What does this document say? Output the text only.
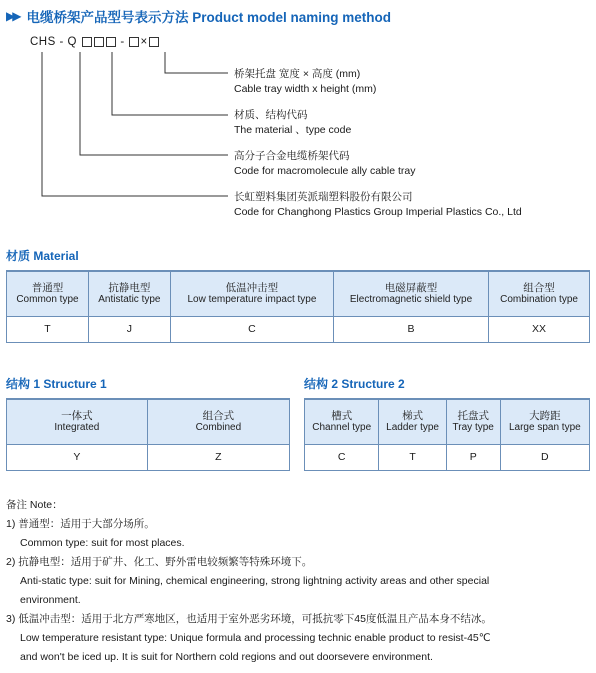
▶▶ 电缆桥架产品型号表示方法 Product model naming method
CHS - Q	- ×
桥架托盘 宽度 × 高度 (mm)
Cable tray width x height (mm)
材质、结构代码
The material 、type code
高分子合金电缆桥架代码
Code for macromolecule ally cable tray
长虹塑料集团英派瑞塑料股份有限公司
Code for Changhong Plastics Group Imperial Plastics Co., Ltd
材质 Material
普通型
Common type	抗静电型
Antistatic type	低温冲击型
Low temperature impact type	电磁屏蔽型
Electromagnetic shield type	组合型
Combination type
T	J	C	B	XX
结构 1 Structure 1
一体式
Integrated	组合式
Combined
Y	Z
结构 2 Structure 2
槽式
Channel type	梯式
Ladder type	托盘式
Tray type	大跨距
Large span type
C	T	P	D
备注 Note：
1) 普通型：适用于大部分场所。
Common type: suit for most places.
2) 抗静电型：适用于矿井、化工、野外雷电较频繁等特殊环境下。
Anti-static type: suit for Mining, chemical engineering, strong lightning activity areas and other special
environment.
3) 低温冲击型：适用于北方严寒地区，也适用于室外恶劣环境，可抵抗零下45度低温且产品本身不结冰。
Low temperature resistant type: Unique formula and processing technic enable product to resist-45℃
and won't be iced up. It is suit for Northern cold regions and out doorsevere environment.
